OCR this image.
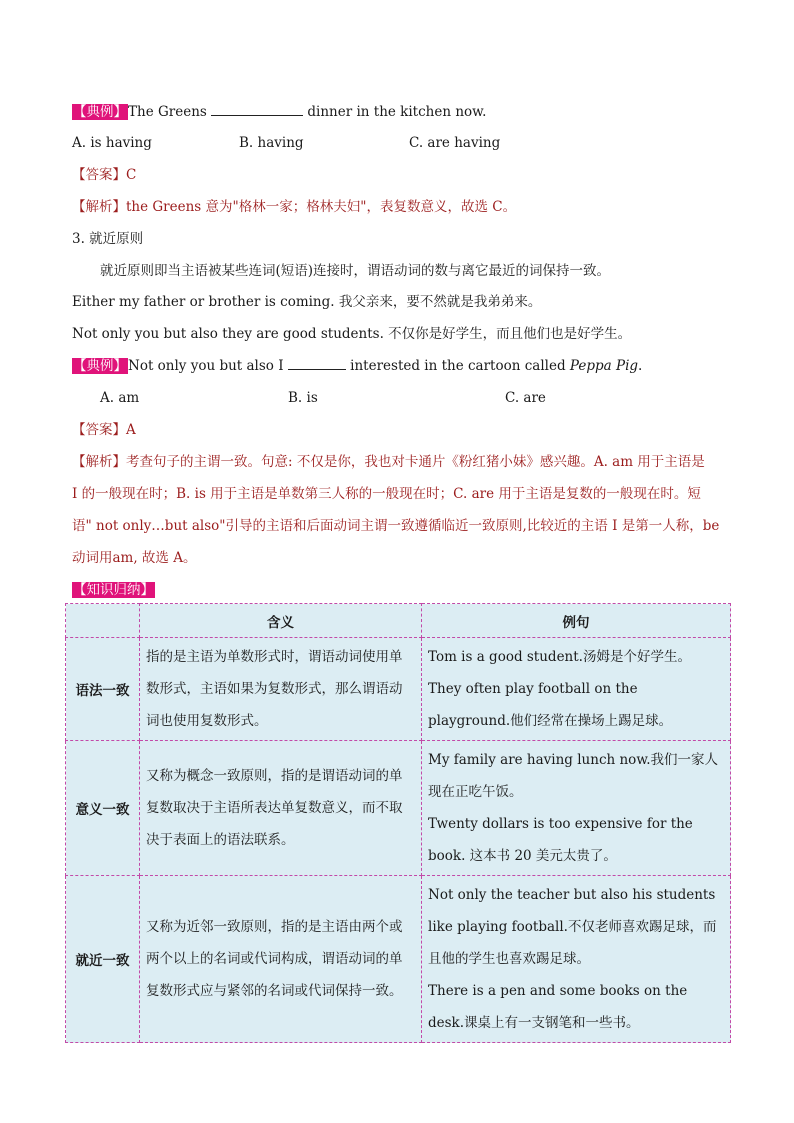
【典例】The Greens	dinner in the kitchen now.
A. is having	B. having	C. are having
【答案】C
【解析】the Greens 意为"格林一家；格林夫妇"，表复数意义，故选 C。
3. 就近原则
就近原则即当主语被某些连词(短语)连接时，谓语动词的数与离它最近的词保持一致。
Either my father or brother is coming. 我父亲来，要不然就是我弟弟来。
Not only you but also they are good students. 不仅你是好学生，而且他们也是好学生。
【典例】Not only you but also I	interested in the cartoon called Peppa Pig.
A. am	B. is	C. are
【答案】A
【解析】考查句子的主谓一致。句意: 不仅是你，我也对卡通片《粉红猪小妹》感兴趣。A. am 用于主语是
I 的一般现在时；B. is 用于主语是单数第三人称的一般现在时；C. are 用于主语是复数的一般现在时。短
语" not only…but also"引导的主语和后面动词主谓一致遵循临近一致原则,比较近的主语 I 是第一人称，be
动词用am, 故选 A。
【知识归纳】
	含义	例句
语法一致	指的是主语为单数形式时，谓语动词使用单数形式，主语如果为复数形式，那么谓语动词也使用复数形式。	Tom is a good student.汤姆是个好学生。

They often play football on the playground.他们经常在操场上踢足球。

意义一致	又称为概念一致原则，指的是谓语动词的单复数取决于主语所表达单复数意义，而不取决于表面上的语法联系。	My family are having lunch now.我们一家人现在正吃午饭。

Twenty dollars is too expensive for the book. 这本书 20 美元太贵了。

就近一致	又称为近邻一致原则，指的是主语由两个或两个以上的名词或代词构成，谓语动词的单复数形式应与紧邻的名词或代词保持一致。	Not only the teacher but also his students like playing football.不仅老师喜欢踢足球，而且他的学生也喜欢踢足球。

There is a pen and some books on the desk.课桌上有一支钢笔和一些书。
